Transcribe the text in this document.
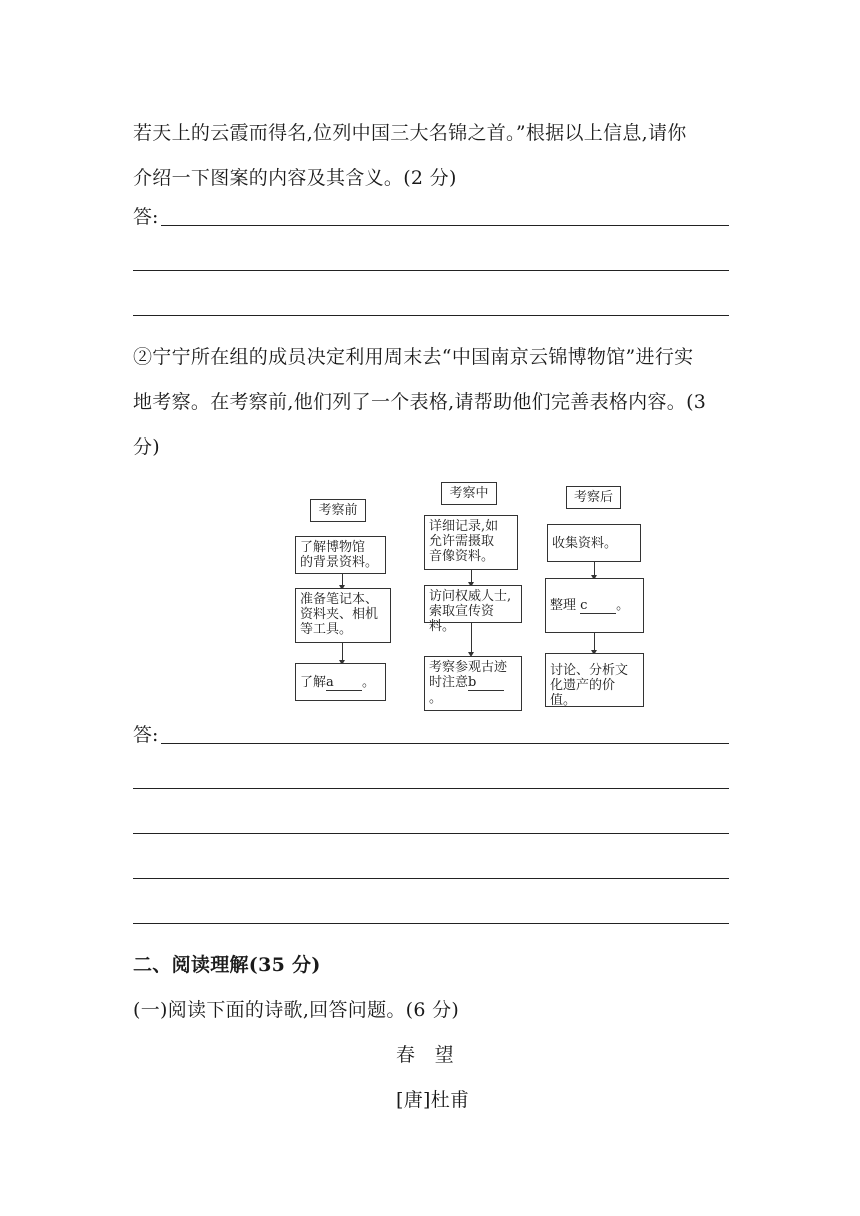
若天上的云霞而得名,位列中国三大名锦之首。”根据以上信息,请你
介绍一下图案的内容及其含义。(2 分)
答:
②宁宁所在组的成员决定利用周末去“中国南京云锦博物馆”进行实
地考察。在考察前,他们列了一个表格,请帮助他们完善表格内容。(3
分)
考察前
了解博物馆
的背景资料。
准备笔记本、
资料夹、相机
等工具。
了解a 。
考察中
详细记录,如
允许需摄取
音像资料。
访问权威人士,
索取宣传资料。
考察参观古迹
时注意b。
考察后
收集资料。
整理 c 。
讨论、分析文
化遗产的价值。
答:
二、阅读理解(35 分)
(一)阅读下面的诗歌,回答问题。(6 分)
春　望
[唐]杜甫
